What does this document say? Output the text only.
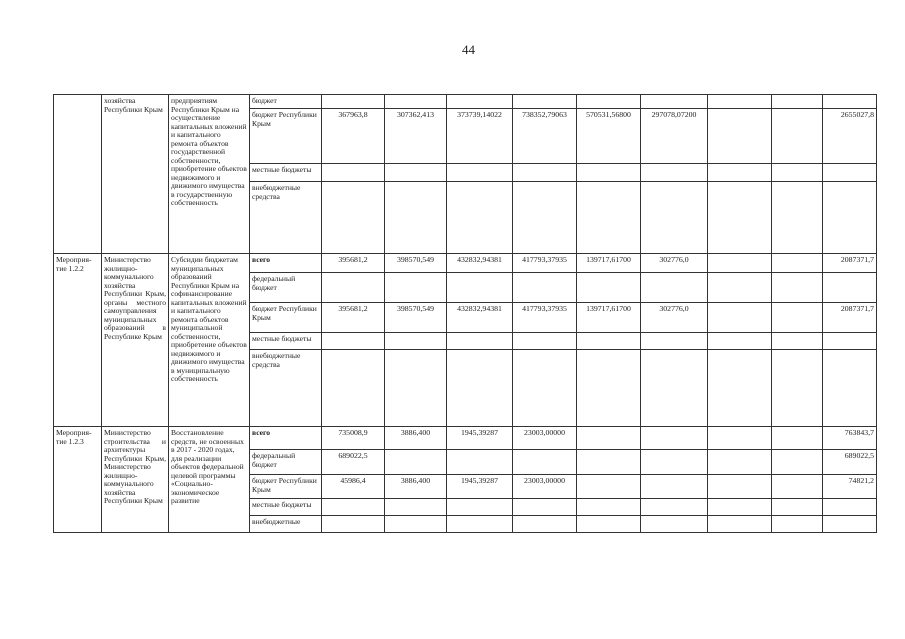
44
	хозяйства Республики Крым	предприятиям Республики Крым на осуществление капитальных вложений и капитального ремонта объектов государственной собственности, приобретение объектов недвижимого и движимого имущества в государственную собственность	бюджет									
			бюджет Республики Крым	367963,8	307362,413	373739,14022	738352,79063	570531,56800	297078,07200			2655027,8
			местные бюджеты									
			внебюджетные средства									
Мероприя-тие 1.2.2	Министерство жилищно-коммунального хозяйства Республики Крым, органы местного самоуправления муниципальных образований в Республике Крым	Субсидии бюджетам муниципальных образований Республики Крым на софинансирование капитальных вложений и капитального ремонта объектов муниципальной собственности, приобретение объектов недвижимого и движимого имущества в муниципальную собственность	всего	395681,2	398570,549	432832,94381	417793,37935	139717,61700	302776,0			2087371,7
			федеральный бюджет									
			бюджет Республики Крым	395681,2	398570,549	432832,94381	417793,37935	139717,61700	302776,0			2087371,7
			местные бюджеты									
			внебюджетные средства									
Мероприя-тие 1.2.3	Министерство строительства и архитектуры Республики Крым, Министерство жилищно-коммунального хозяйства Республики Крым	Восстановление средств, не освоенных в 2017 - 2020 годах, для реализации объектов федеральной целевой программы «Социально-экономическое развитие	всего	735008,9	3886,400	1945,39287	23003,00000					763843,7
			федеральный бюджет	689022,5								689022,5
			бюджет Республики Крым	45986,4	3886,400	1945,39287	23003,00000					74821,2
			местные бюджеты									
			внебюджетные									
